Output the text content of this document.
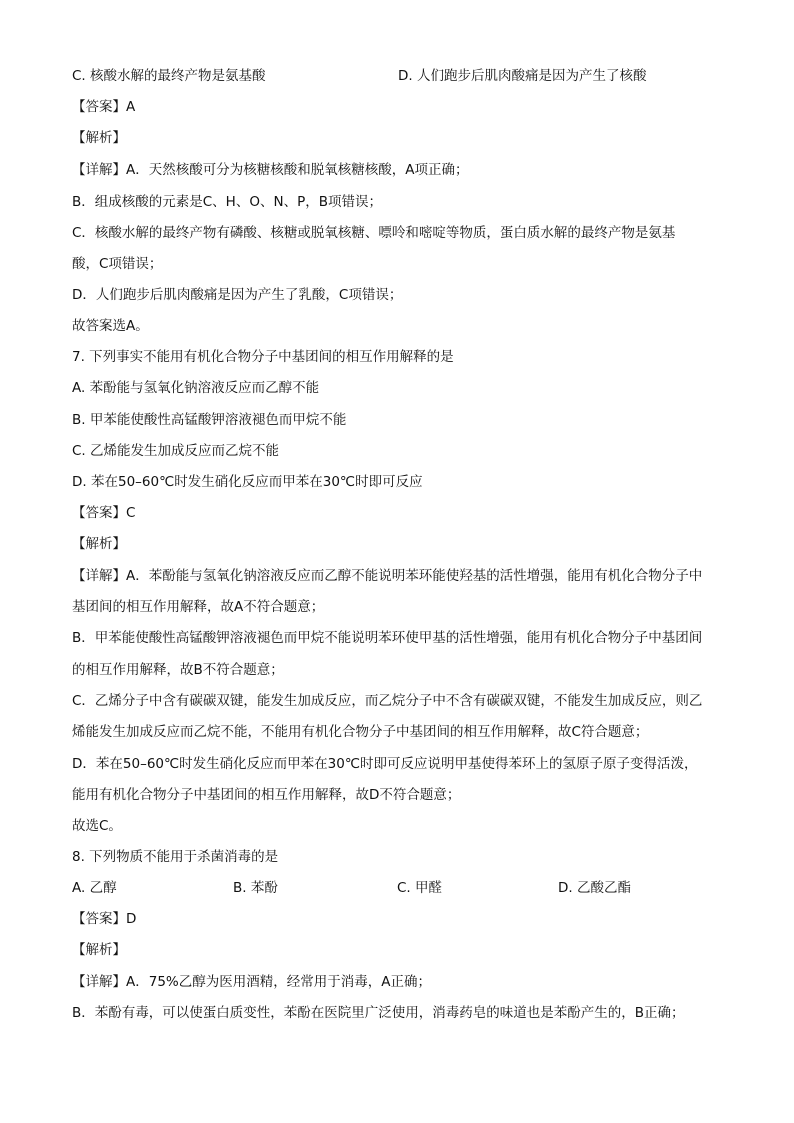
C. 核酸水解的最终产物是氨基酸	D. 人们跑步后肌肉酸痛是因为产生了核酸
【答案】A
【解析】
【详解】A．天然核酸可分为核糖核酸和脱氧核糖核酸，A项正确；
B．组成核酸的元素是C、H、O、N、P，B项错误；
C．核酸水解的最终产物有磷酸、核糖或脱氧核糖、嘌呤和嘧啶等物质，蛋白质水解的最终产物是氨基
酸，C项错误；
D．人们跑步后肌肉酸痛是因为产生了乳酸，C项错误；
故答案选A。
7. 下列事实不能用有机化合物分子中基团间的相互作用解释的是
A. 苯酚能与氢氧化钠溶液反应而乙醇不能
B. 甲苯能使酸性高锰酸钾溶液褪色而甲烷不能
C. 乙烯能发生加成反应而乙烷不能
D. 苯在50–60℃时发生硝化反应而甲苯在30℃时即可反应
【答案】C
【解析】
【详解】A．苯酚能与氢氧化钠溶液反应而乙醇不能说明苯环能使羟基的活性增强，能用有机化合物分子中
基团间的相互作用解释，故A不符合题意；
B．甲苯能使酸性高锰酸钾溶液褪色而甲烷不能说明苯环使甲基的活性增强，能用有机化合物分子中基团间
的相互作用解释，故B不符合题意；
C．乙烯分子中含有碳碳双键，能发生加成反应，而乙烷分子中不含有碳碳双键，不能发生加成反应，则乙
烯能发生加成反应而乙烷不能，不能用有机化合物分子中基团间的相互作用解释，故C符合题意；
D．苯在50–60℃时发生硝化反应而甲苯在30℃时即可反应说明甲基使得苯环上的氢原子原子变得活泼，
能用有机化合物分子中基团间的相互作用解释，故D不符合题意；
故选C。
8. 下列物质不能用于杀菌消毒的是
A. 乙醇	B. 苯酚	C. 甲醛	D. 乙酸乙酯
【答案】D
【解析】
【详解】A．75%乙醇为医用酒精，经常用于消毒，A正确；
B．苯酚有毒，可以使蛋白质变性，苯酚在医院里广泛使用，消毒药皂的味道也是苯酚产生的，B正确；
